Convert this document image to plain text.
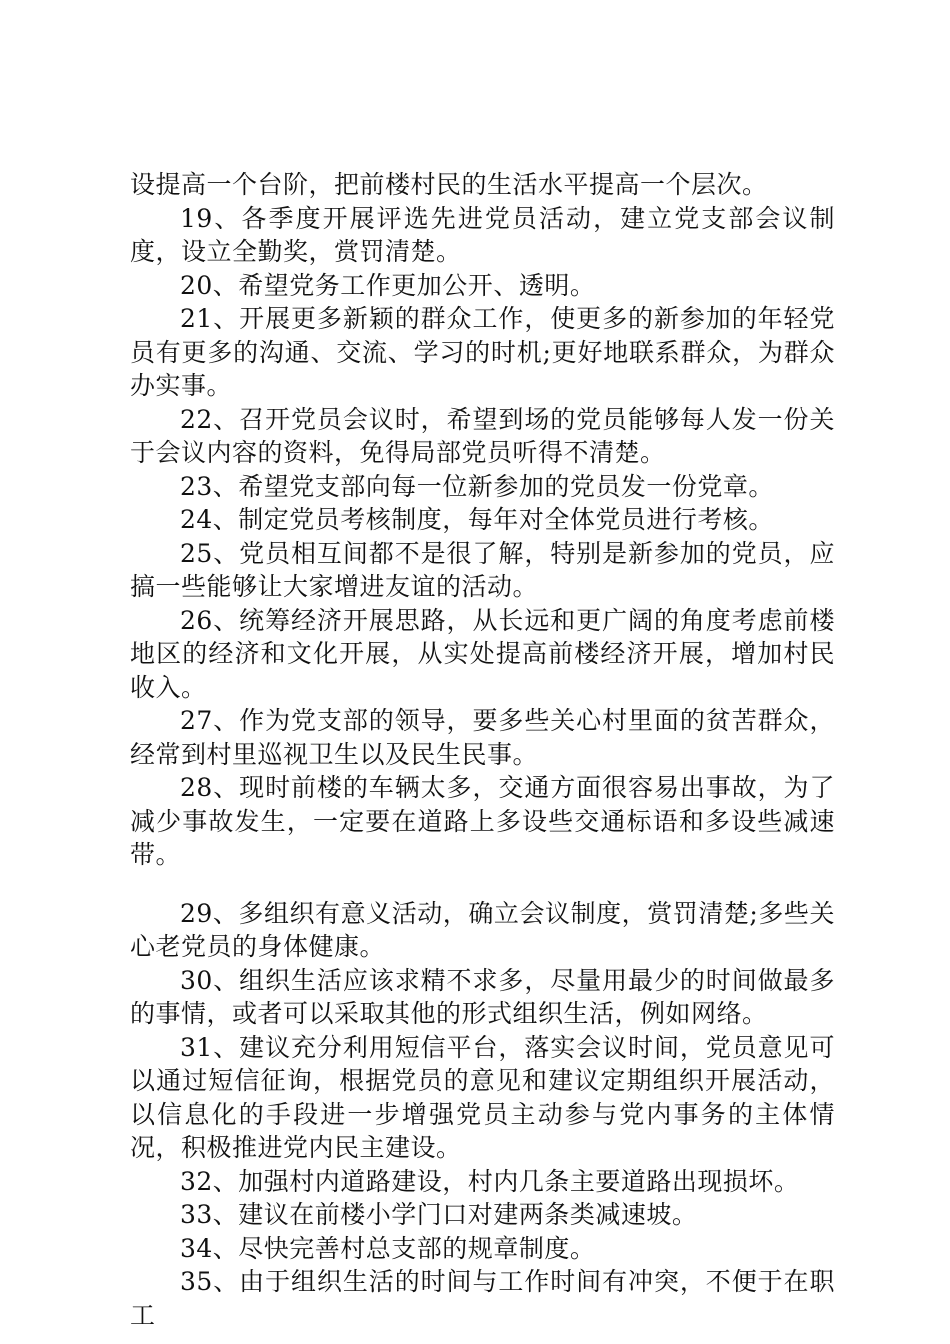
设提高一个台阶，把前楼村民的生活水平提高一个层次。

19、各季度开展评选先进党员活动，建立党支部会议制度，设立全勤奖，赏罚清楚。

20、希望党务工作更加公开、透明。

21、开展更多新颖的群众工作，使更多的新参加的年轻党员有更多的沟通、交流、学习的时机;更好地联系群众，为群众办实事。

22、召开党员会议时，希望到场的党员能够每人发一份关于会议内容的资料，免得局部党员听得不清楚。

23、希望党支部向每一位新参加的党员发一份党章。

24、制定党员考核制度，每年对全体党员进行考核。

25、党员相互间都不是很了解，特别是新参加的党员，应搞一些能够让大家增进友谊的活动。

26、统筹经济开展思路，从长远和更广阔的角度考虑前楼地区的经济和文化开展，从实处提高前楼经济开展，增加村民收入。

27、作为党支部的领导，要多些关心村里面的贫苦群众，经常到村里巡视卫生以及民生民事。

28、现时前楼的车辆太多，交通方面很容易出事故，为了减少事故发生，一定要在道路上多设些交通标语和多设些减速带。

29、多组织有意义活动，确立会议制度，赏罚清楚;多些关心老党员的身体健康。

30、组织生活应该求精不求多，尽量用最少的时间做最多的事情，或者可以采取其他的形式组织生活，例如网络。

31、建议充分利用短信平台，落实会议时间，党员意见可以通过短信征询，根据党员的意见和建议定期组织开展活动，以信息化的手段进一步增强党员主动参与党内事务的主体情况，积极推进党内民主建设。

32、加强村内道路建设，村内几条主要道路出现损坏。

33、建议在前楼小学门口对建两条类减速坡。

34、尽快完善村总支部的规章制度。

35、由于组织生活的时间与工作时间有冲突，不便于在职工
